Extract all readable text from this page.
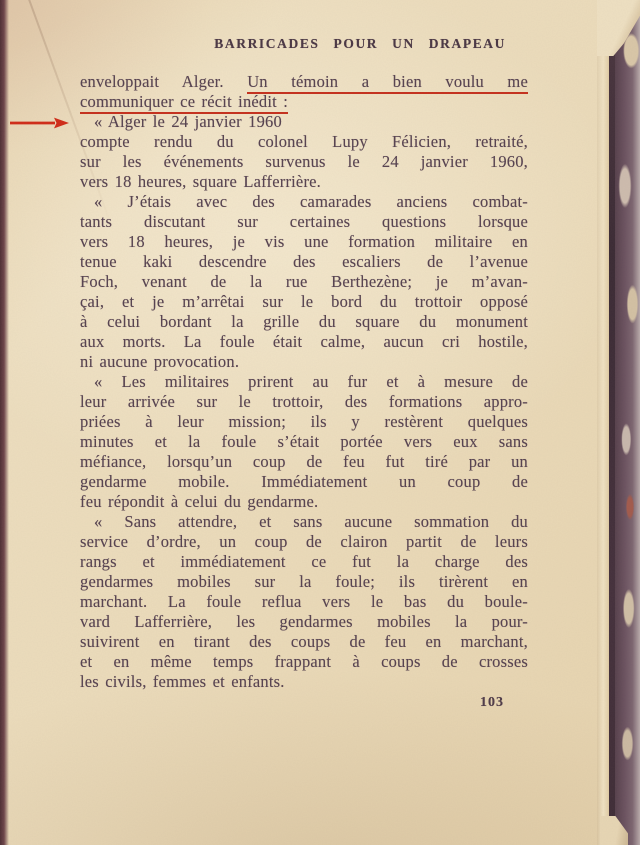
BARRICADES POUR UN DRAPEAU
enveloppait Alger. Un témoin a bien voulu me
communiquer ce récit inédit :
« Alger le 24 janvier 1960
compte rendu du colonel Lupy Félicien, retraité,
sur les événements survenus le 24 janvier 1960,
vers 18 heures, square Lafferrière.
« J’étais avec des camarades anciens combat-
tants discutant sur certaines questions lorsque
vers 18 heures, je vis une formation militaire en
tenue kaki descendre des escaliers de l’avenue
Foch, venant de la rue Berthezène; je m’avan-
çai, et je m’arrêtai sur le bord du trottoir opposé
à celui bordant la grille du square du monument
aux morts. La foule était calme, aucun cri hostile,
ni aucune provocation.
« Les militaires prirent au fur et à mesure de
leur arrivée sur le trottoir, des formations appro-
priées à leur mission; ils y restèrent quelques
minutes et la foule s’était portée vers eux sans
méfiance, lorsqu’un coup de feu fut tiré par un
gendarme mobile. Immédiatement un coup de
feu répondit à celui du gendarme.
« Sans attendre, et sans aucune sommation du
service d’ordre, un coup de clairon partit de leurs
rangs et immédiatement ce fut la charge des
gendarmes mobiles sur la foule; ils tirèrent en
marchant. La foule reflua vers le bas du boule-
vard Lafferrière, les gendarmes mobiles la pour-
suivirent en tirant des coups de feu en marchant,
et en même temps frappant à coups de crosses
les civils, femmes et enfants.
103
